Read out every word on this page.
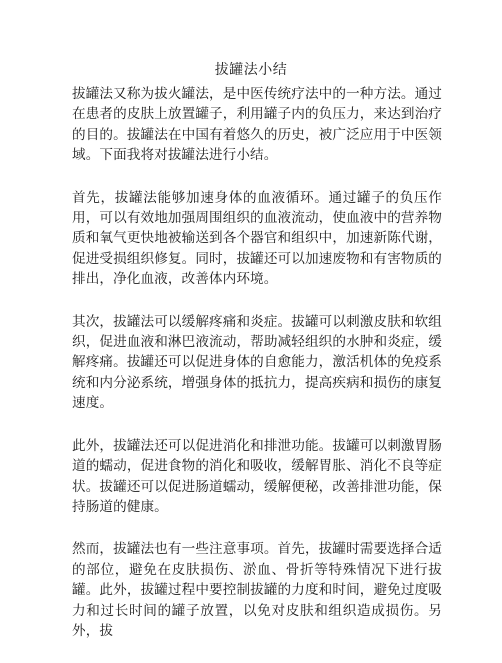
拔罐法小结

拔罐法又称为拔火罐法，是中医传统疗法中的一种方法。通过在患者的皮肤上放置罐子，利用罐子内的负压力，来达到治疗的目的。拔罐法在中国有着悠久的历史，被广泛应用于中医领域。下面我将对拔罐法进行小结。

首先，拔罐法能够加速身体的血液循环。通过罐子的负压作用，可以有效地加强周围组织的血液流动，使血液中的营养物质和氧气更快地被输送到各个器官和组织中，加速新陈代谢，促进受损组织修复。同时，拔罐还可以加速废物和有害物质的排出，净化血液，改善体内环境。

其次，拔罐法可以缓解疼痛和炎症。拔罐可以刺激皮肤和软组织，促进血液和淋巴液流动，帮助减轻组织的水肿和炎症，缓解疼痛。拔罐还可以促进身体的自愈能力，激活机体的免疫系统和内分泌系统，增强身体的抵抗力，提高疾病和损伤的康复速度。

此外，拔罐法还可以促进消化和排泄功能。拔罐可以刺激胃肠道的蠕动，促进食物的消化和吸收，缓解胃胀、消化不良等症状。拔罐还可以促进肠道蠕动，缓解便秘，改善排泄功能，保持肠道的健康。

然而，拔罐法也有一些注意事项。首先，拔罐时需要选择合适的部位，避免在皮肤损伤、淤血、骨折等特殊情况下进行拔罐。此外，拔罐过程中要控制拔罐的力度和时间，避免过度吸力和过长时间的罐子放置，以免对皮肤和组织造成损伤。另外，拔
